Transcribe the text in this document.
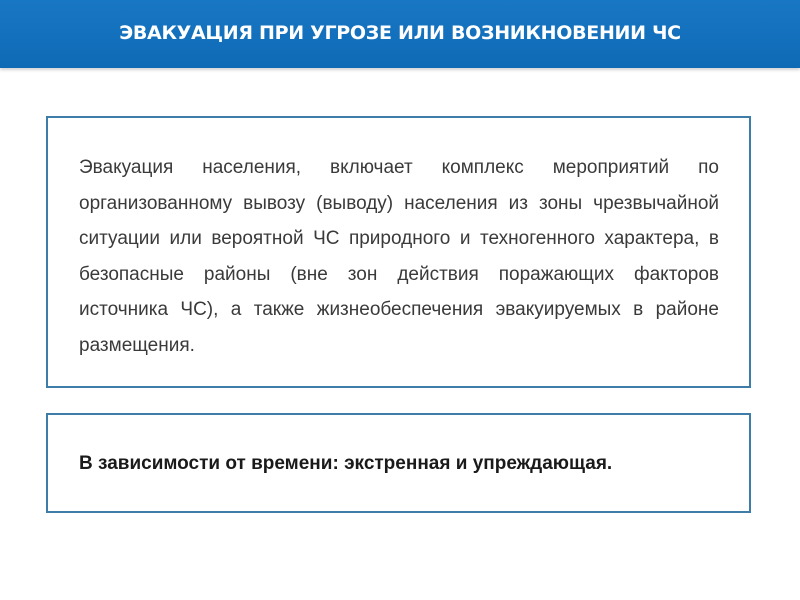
ЭВАКУАЦИЯ ПРИ УГРОЗЕ ИЛИ ВОЗНИКНОВЕНИИ ЧС

Эвакуация населения, включает комплекс мероприятий по организованному вывозу (выводу) населения из зоны чрезвычайной ситуации или вероятной ЧС природного и техногенного характера, в безопасные районы (вне зон действия поражающих факторов источника ЧС), а также жизнеобеспечения эвакуируемых в районе размещения.

В зависимости от времени: экстренная и упреждающая.
